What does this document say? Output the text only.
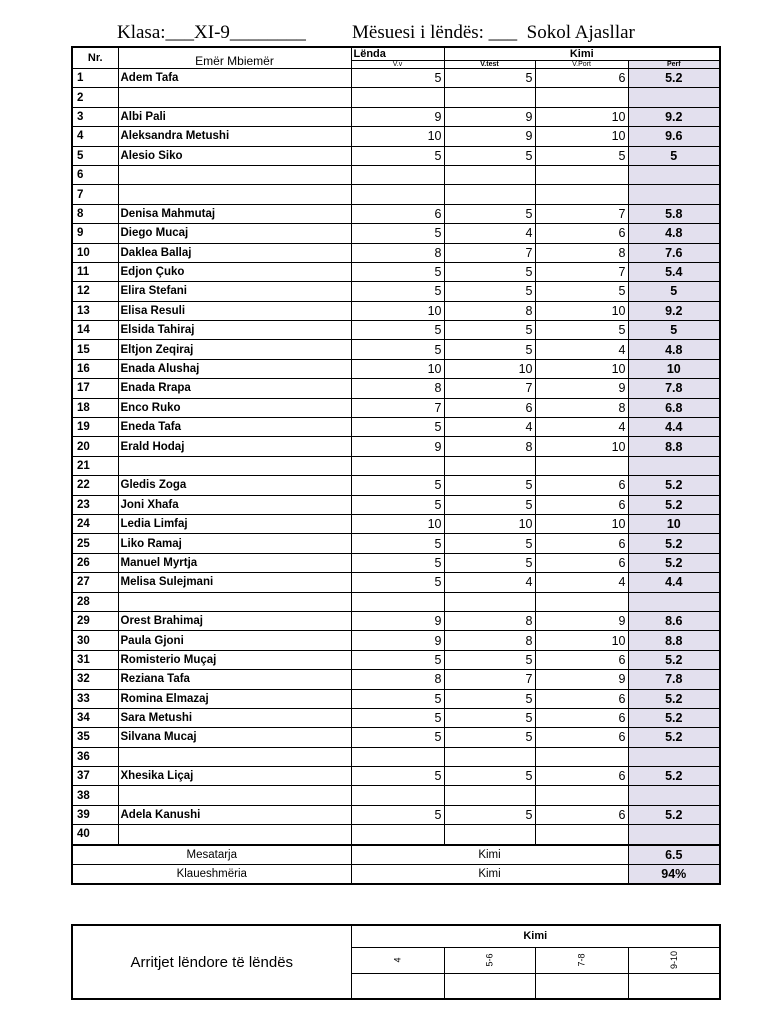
Klasa:___XI-9________ Mësuesi i lëndës: ___  Sokol Ajasllar
Nr.	Emër Mbiemër	Lënda	Kimi		
		V.v	V.test	V.Port	Perf
1	Adem Tafa	5	5	6	5.2
2					
3	Albi Pali	9	9	10	9.2
4	Aleksandra Metushi	10	9	10	9.6
5	Alesio Siko	5	5	5	5
6					
7					
8	Denisa Mahmutaj	6	5	7	5.8
9	Diego Mucaj	5	4	6	4.8
10	Daklea Ballaj	8	7	8	7.6
11	Edjon Çuko	5	5	7	5.4
12	Elira Stefani	5	5	5	5
13	Elisa Resuli	10	8	10	9.2
14	Elsida Tahiraj	5	5	5	5
15	Eltjon Zeqiraj	5	5	4	4.8
16	Enada Alushaj	10	10	10	10
17	Enada Rrapa	8	7	9	7.8
18	Enco Ruko	7	6	8	6.8
19	Eneda Tafa	5	4	4	4.4
20	Erald Hodaj	9	8	10	8.8
21					
22	Gledis Zoga	5	5	6	5.2
23	Joni Xhafa	5	5	6	5.2
24	Ledia Limfaj	10	10	10	10
25	Liko Ramaj	5	5	6	5.2
26	Manuel Myrtja	5	5	6	5.2
27	Melisa Sulejmani	5	4	4	4.4
28					
29	Orest Brahimaj	9	8	9	8.6
30	Paula Gjoni	9	8	10	8.8
31	Romisterio Muçaj	5	5	6	5.2
32	Reziana Tafa	8	7	9	7.8
33	Romina Elmazaj	5	5	6	5.2
34	Sara Metushi	5	5	6	5.2
35	Silvana Mucaj	5	5	6	5.2
36					
37	Xhesika Liçaj	5	5	6	5.2
38					
39	Adela Kanushi	5	5	6	5.2
40					
Mesatarja		Kimi			6.5
Klaueshmëria		Kimi			94%
Arritjet lëndore të lëndës	Kimi			
	4	5-6	7-8	9-10
